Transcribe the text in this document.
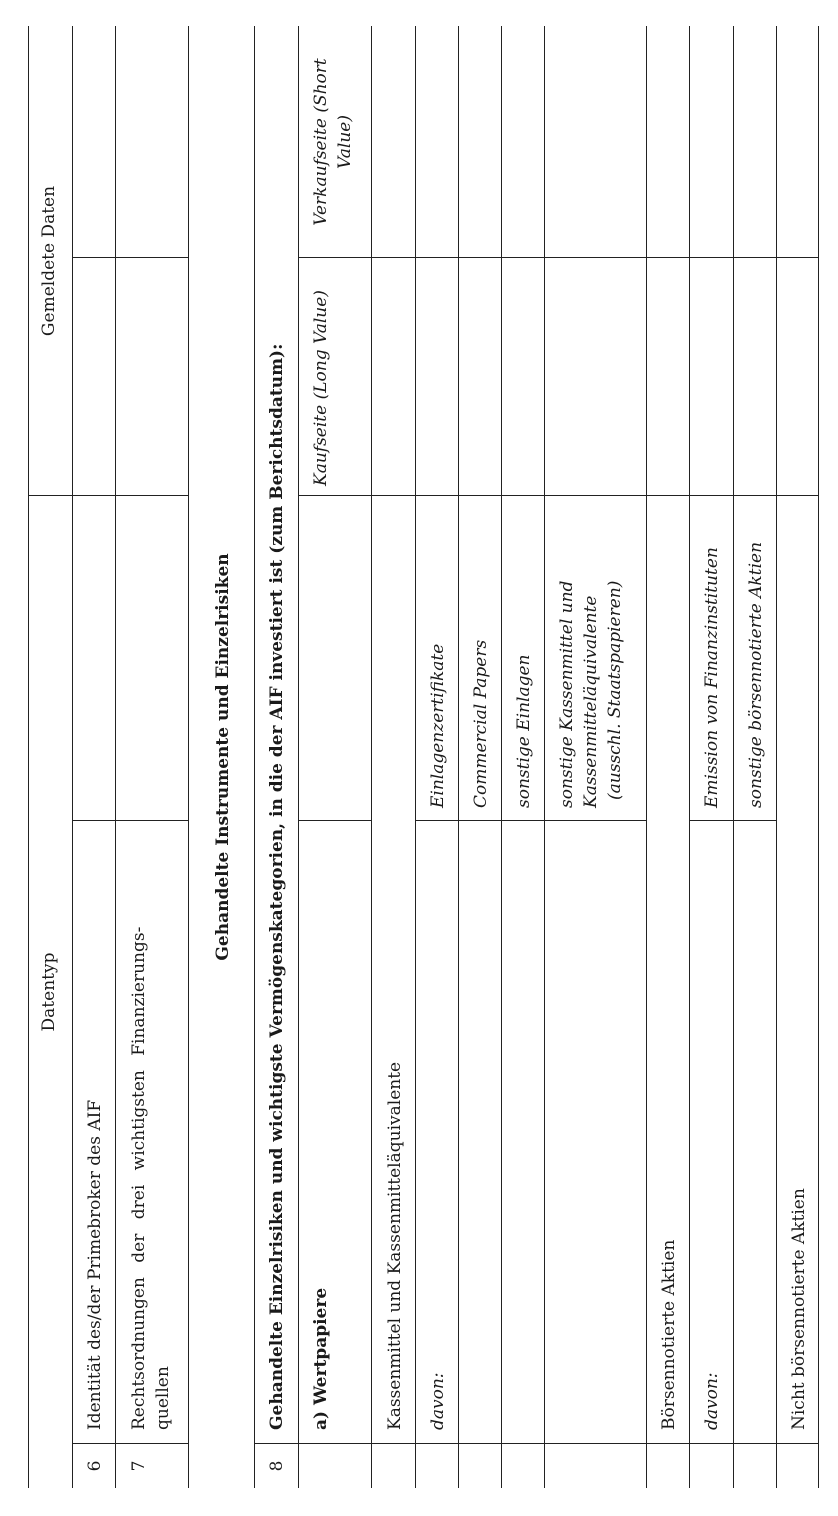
Datentyp
Gemeldete Daten
6
Identität des/der Primebroker des AIF
7
Rechtsordnungen der drei wichtigsten Finanzierungs- quellen
Gehandelte Instrumente und Einzelrisiken
8
Gehandelte Einzelrisiken und wichtigste Vermögenskategorien, in die der AIF investiert ist (zum Berichtsdatum): a) Wertpapiere
Kaufseite (Long Value)
Verkaufseite (Short Value)
Kassenmittel und Kassenmitteläquivalente davon:
Einlagenzertifikate Commercial Papers sonstige Einlagen sonstige Kassenmittel und Kassenmitteläquivalente (ausschl. Staatspapieren)
Börsennotierte Aktien davon:
Emission von Finanzinstituten sonstige börsennotierte Aktien
Nicht börsennotierte Aktien
